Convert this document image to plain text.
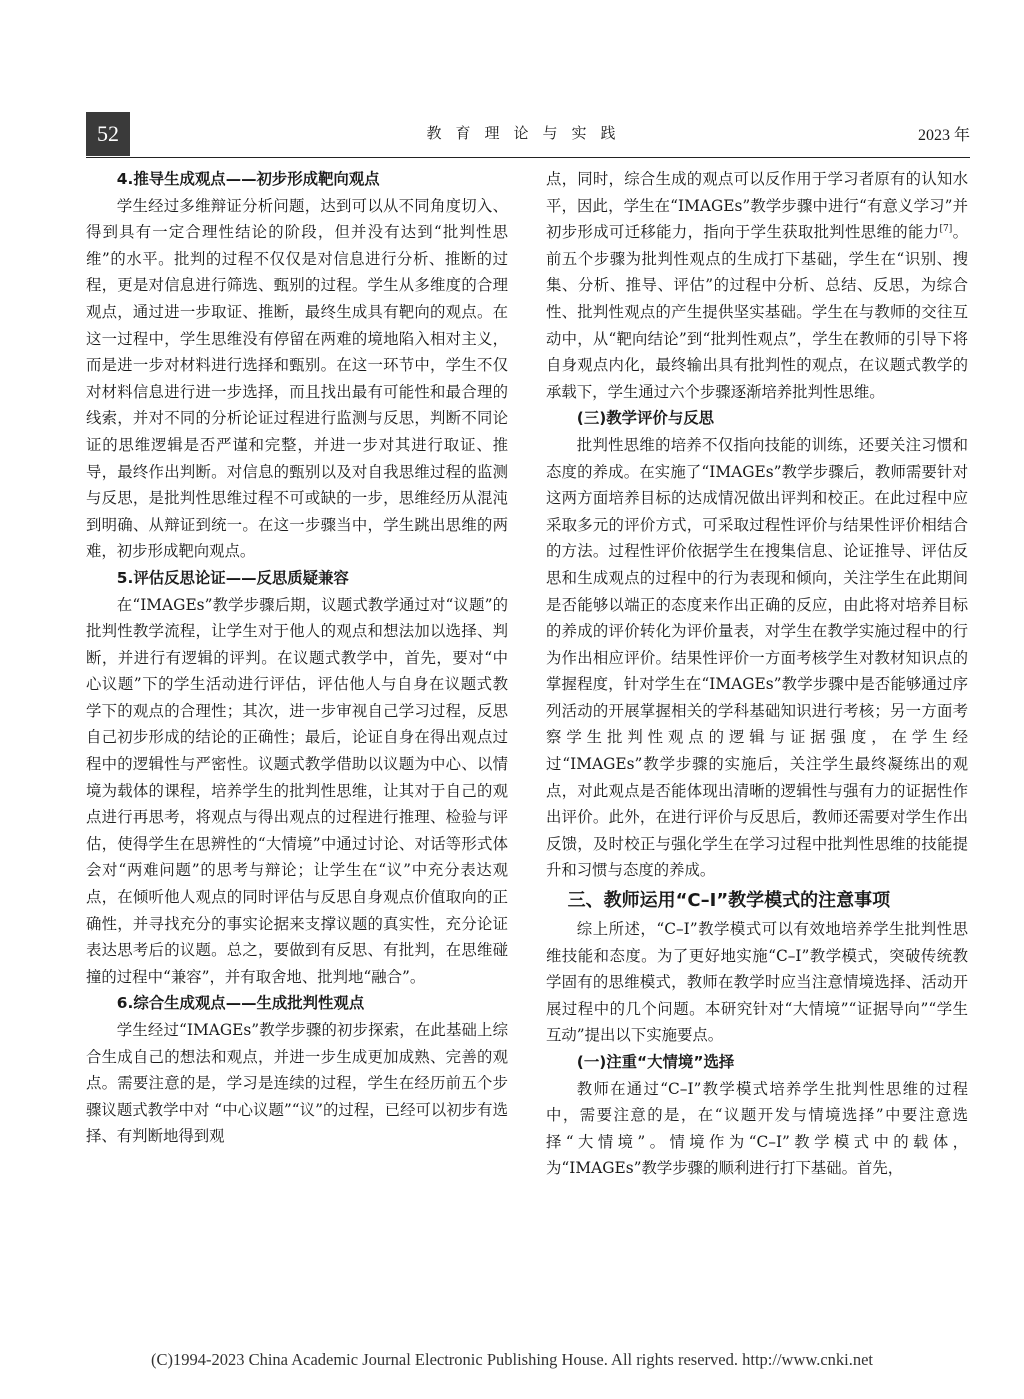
52	教育理论与实践	2023 年
4.推导生成观点——初步形成靶向观点

学生经过多维辩证分析问题，达到可以从不同角度切入、得到具有一定合理性结论的阶段，但并没有达到“批判性思维”的水平。批判的过程不仅仅是对信息进行分析、推断的过程，更是对信息进行筛选、甄别的过程。学生从多维度的合理观点，通过进一步取证、推断，最终生成具有靶向的观点。在这一过程中，学生思维没有停留在两难的境地陷入相对主义，而是进一步对材料进行选择和甄别。在这一环节中，学生不仅对材料信息进行进一步选择，而且找出最有可能性和最合理的线索，并对不同的分析论证过程进行监测与反思，判断不同论证的思维逻辑是否严谨和完整，并进一步对其进行取证、推导，最终作出判断。对信息的甄别以及对自我思维过程的监测与反思，是批判性思维过程不可或缺的一步，思维经历从混沌到明确、从辩证到统一。在这一步骤当中，学生跳出思维的两难，初步形成靶向观点。

5.评估反思论证——反思质疑兼容

在“IMAGEs”教学步骤后期，议题式教学通过对“议题”的批判性教学流程，让学生对于他人的观点和想法加以选择、判断，并进行有逻辑的评判。在议题式教学中，首先，要对“中心议题”下的学生活动进行评估，评估他人与自身在议题式教学下的观点的合理性；其次，进一步审视自己学习过程，反思自己初步形成的结论的正确性；最后，论证自身在得出观点过程中的逻辑性与严密性。议题式教学借助以议题为中心、以情境为载体的课程，培养学生的批判性思维，让其对于自己的观点进行再思考，将观点与得出观点的过程进行推理、检验与评估，使得学生在思辨性的“大情境”中通过讨论、对话等形式体会对“两难问题”的思考与辩论；让学生在“议”中充分表达观点，在倾听他人观点的同时评估与反思自身观点价值取向的正确性，并寻找充分的事实论据来支撑议题的真实性，充分论证表达思考后的议题。总之，要做到有反思、有批判，在思维碰撞的过程中“兼容”，并有取舍地、批判地“融合”。

6.综合生成观点——生成批判性观点

学生经过“IMAGEs”教学步骤的初步探索，在此基础上综合生成自己的想法和观点，并进一步生成更加成熟、完善的观点。需要注意的是，学习是连续的过程，学生在经历前五个步骤议题式教学中对 “中心议题”“议”的过程，已经可以初步有选择、有判断地得到观

点，同时，综合生成的观点可以反作用于学习者原有的认知水平，因此，学生在“IMAGEs”教学步骤中进行“有意义学习”并初步形成可迁移能力，指向于学生获取批判性思维的能力[7]。前五个步骤为批判性观点的生成打下基础，学生在“识别、搜集、分析、推导、评估”的过程中分析、总结、反思，为综合性、批判性观点的产生提供坚实基础。学生在与教师的交往互动中，从“靶向结论”到“批判性观点”，学生在教师的引导下将自身观点内化，最终输出具有批判性的观点，在议题式教学的承载下，学生通过六个步骤逐渐培养批判性思维。

(三)教学评价与反思

批判性思维的培养不仅指向技能的训练，还要关注习惯和态度的养成。在实施了“IMAGEs”教学步骤后，教师需要针对这两方面培养目标的达成情况做出评判和校正。在此过程中应采取多元的评价方式，可采取过程性评价与结果性评价相结合的方法。过程性评价依据学生在搜集信息、论证推导、评估反思和生成观点的过程中的行为表现和倾向，关注学生在此期间是否能够以端正的态度来作出正确的反应，由此将对培养目标的养成的评价转化为评价量表，对学生在教学实施过程中的行为作出相应评价。结果性评价一方面考核学生对教材知识点的掌握程度，针对学生在“IMAGEs”教学步骤中是否能够通过序列活动的开展掌握相关的学科基础知识进行考核；另一方面考察学生批判性观点的逻辑与证据强度，在学生经过“IMAGEs”教学步骤的实施后，关注学生最终凝练出的观点，对此观点是否能体现出清晰的逻辑性与强有力的证据性作出评价。此外，在进行评价与反思后，教师还需要对学生作出反馈，及时校正与强化学生在学习过程中批判性思维的技能提升和习惯与态度的养成。

三、教师运用“C–I”教学模式的注意事项

综上所述，“C–I”教学模式可以有效地培养学生批判性思维技能和态度。为了更好地实施“C–I”教学模式，突破传统教学固有的思维模式，教师在教学时应当注意情境选择、活动开展过程中的几个问题。本研究针对“大情境”“证据导向”“学生互动”提出以下实施要点。

(一)注重“大情境”选择

教师在通过“C–I”教学模式培养学生批判性思维的过程中，需要注意的是，在“议题开发与情境选择”中要注意选择“大情境”。情境作为“C–I”教学模式中的载体，为“IMAGEs”教学步骤的顺利进行打下基础。首先，

(C)1994-2023 China Academic Journal Electronic Publishing House. All rights reserved. http://www.cnki.net
